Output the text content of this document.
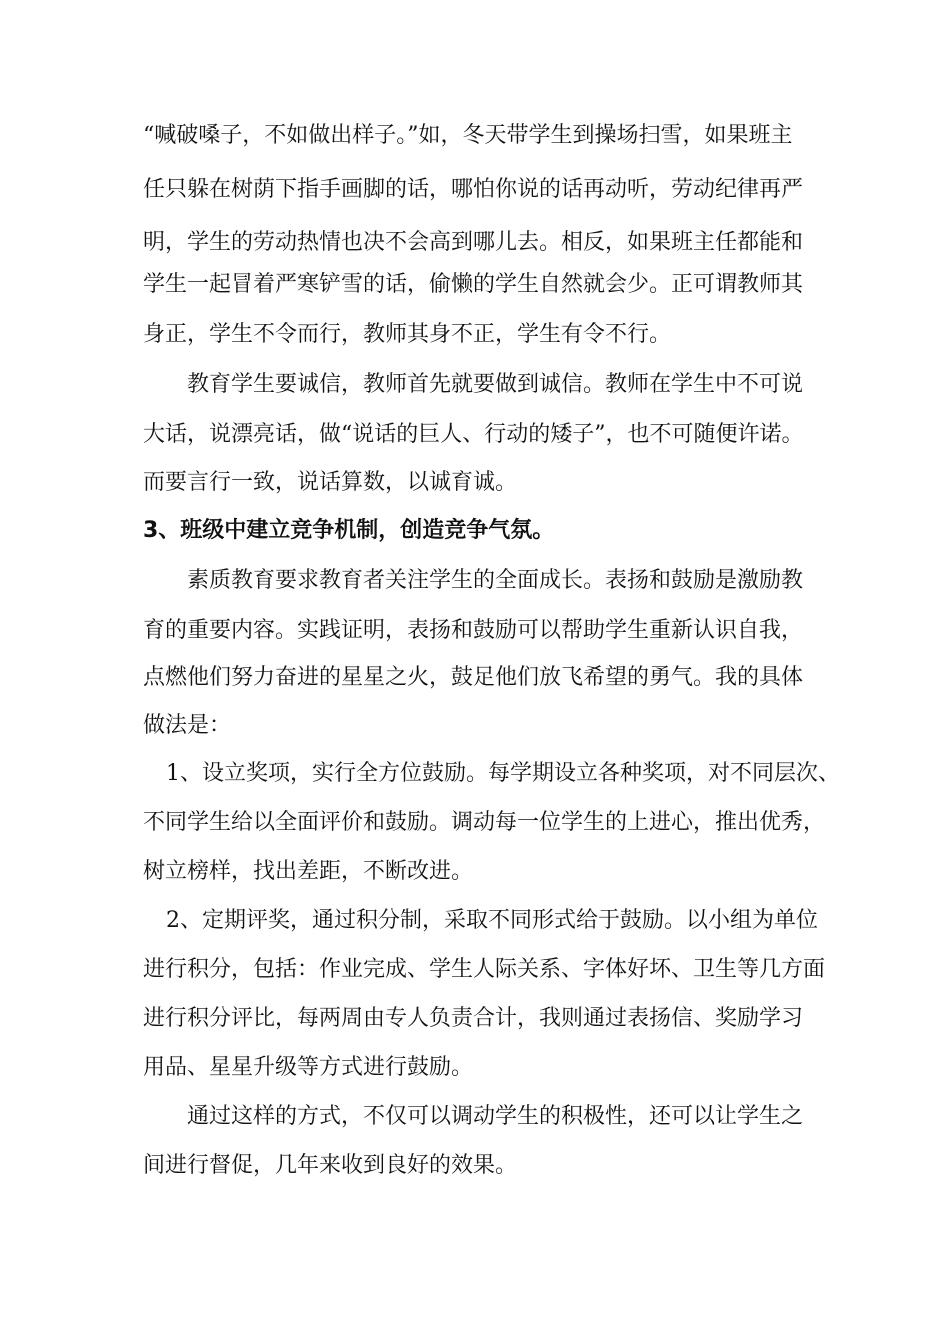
“喊破嗓子，不如做出样子。”如，冬天带学生到操场扫雪，如果班主
任只躲在树荫下指手画脚的话，哪怕你说的话再动听，劳动纪律再严
明，学生的劳动热情也决不会高到哪儿去。相反，如果班主任都能和
学生一起冒着严寒铲雪的话，偷懒的学生自然就会少。正可谓教师其
身正，学生不令而行，教师其身不正，学生有令不行。
教育学生要诚信，教师首先就要做到诚信。教师在学生中不可说
大话，说漂亮话，做“说话的巨人、行动的矮子”，也不可随便许诺。
而要言行一致，说话算数，以诚育诚。
3、班级中建立竞争机制，创造竞争气氛。
素质教育要求教育者关注学生的全面成长。表扬和鼓励是激励教
育的重要内容。实践证明，表扬和鼓励可以帮助学生重新认识自我，
点燃他们努力奋进的星星之火，鼓足他们放飞希望的勇气。我的具体
做法是：
1、设立奖项，实行全方位鼓励。每学期设立各种奖项，对不同层次、
不同学生给以全面评价和鼓励。调动每一位学生的上进心，推出优秀，
树立榜样，找出差距，不断改进。
2、定期评奖，通过积分制，采取不同形式给于鼓励。以小组为单位
进行积分，包括：作业完成、学生人际关系、字体好坏、卫生等几方面
进行积分评比，每两周由专人负责合计，我则通过表扬信、奖励学习
用品、星星升级等方式进行鼓励。
通过这样的方式，不仅可以调动学生的积极性，还可以让学生之
间进行督促，几年来收到良好的效果。
